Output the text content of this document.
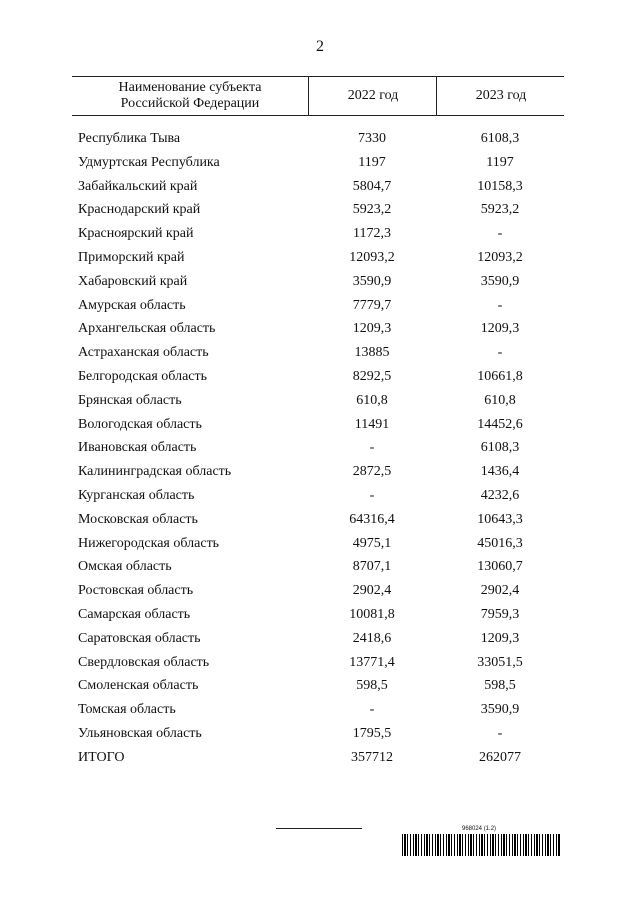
2
Наименование субъекта
Российской Федерации
2022 год	2023 год
Республика Тыва	7330	6108,3
Удмуртская Республика	1197	1197
Забайкальский край	5804,7	10158,3
Краснодарский край	5923,2	5923,2
Красноярский край	1172,3	-
Приморский край	12093,2	12093,2
Хабаровский край	3590,9	3590,9
Амурская область	7779,7	-
Архангельская область	1209,3	1209,3
Астраханская область	13885	-
Белгородская область	8292,5	10661,8
Брянская область	610,8	610,8
Вологодская область	11491	14452,6
Ивановская область	-	6108,3
Калининградская область	2872,5	1436,4
Курганская область	-	4232,6
Московская область	64316,4	10643,3
Нижегородская область	4975,1	45016,3
Омская область	8707,1	13060,7
Ростовская область	2902,4	2902,4
Самарская область	10081,8	7959,3
Саратовская область	2418,6	1209,3
Свердловская область	13771,4	33051,5
Смоленская область	598,5	598,5
Томская область	-	3590,9
Ульяновская область	1795,5	-
ИТОГО	357712	262077
968024 (1.2)
